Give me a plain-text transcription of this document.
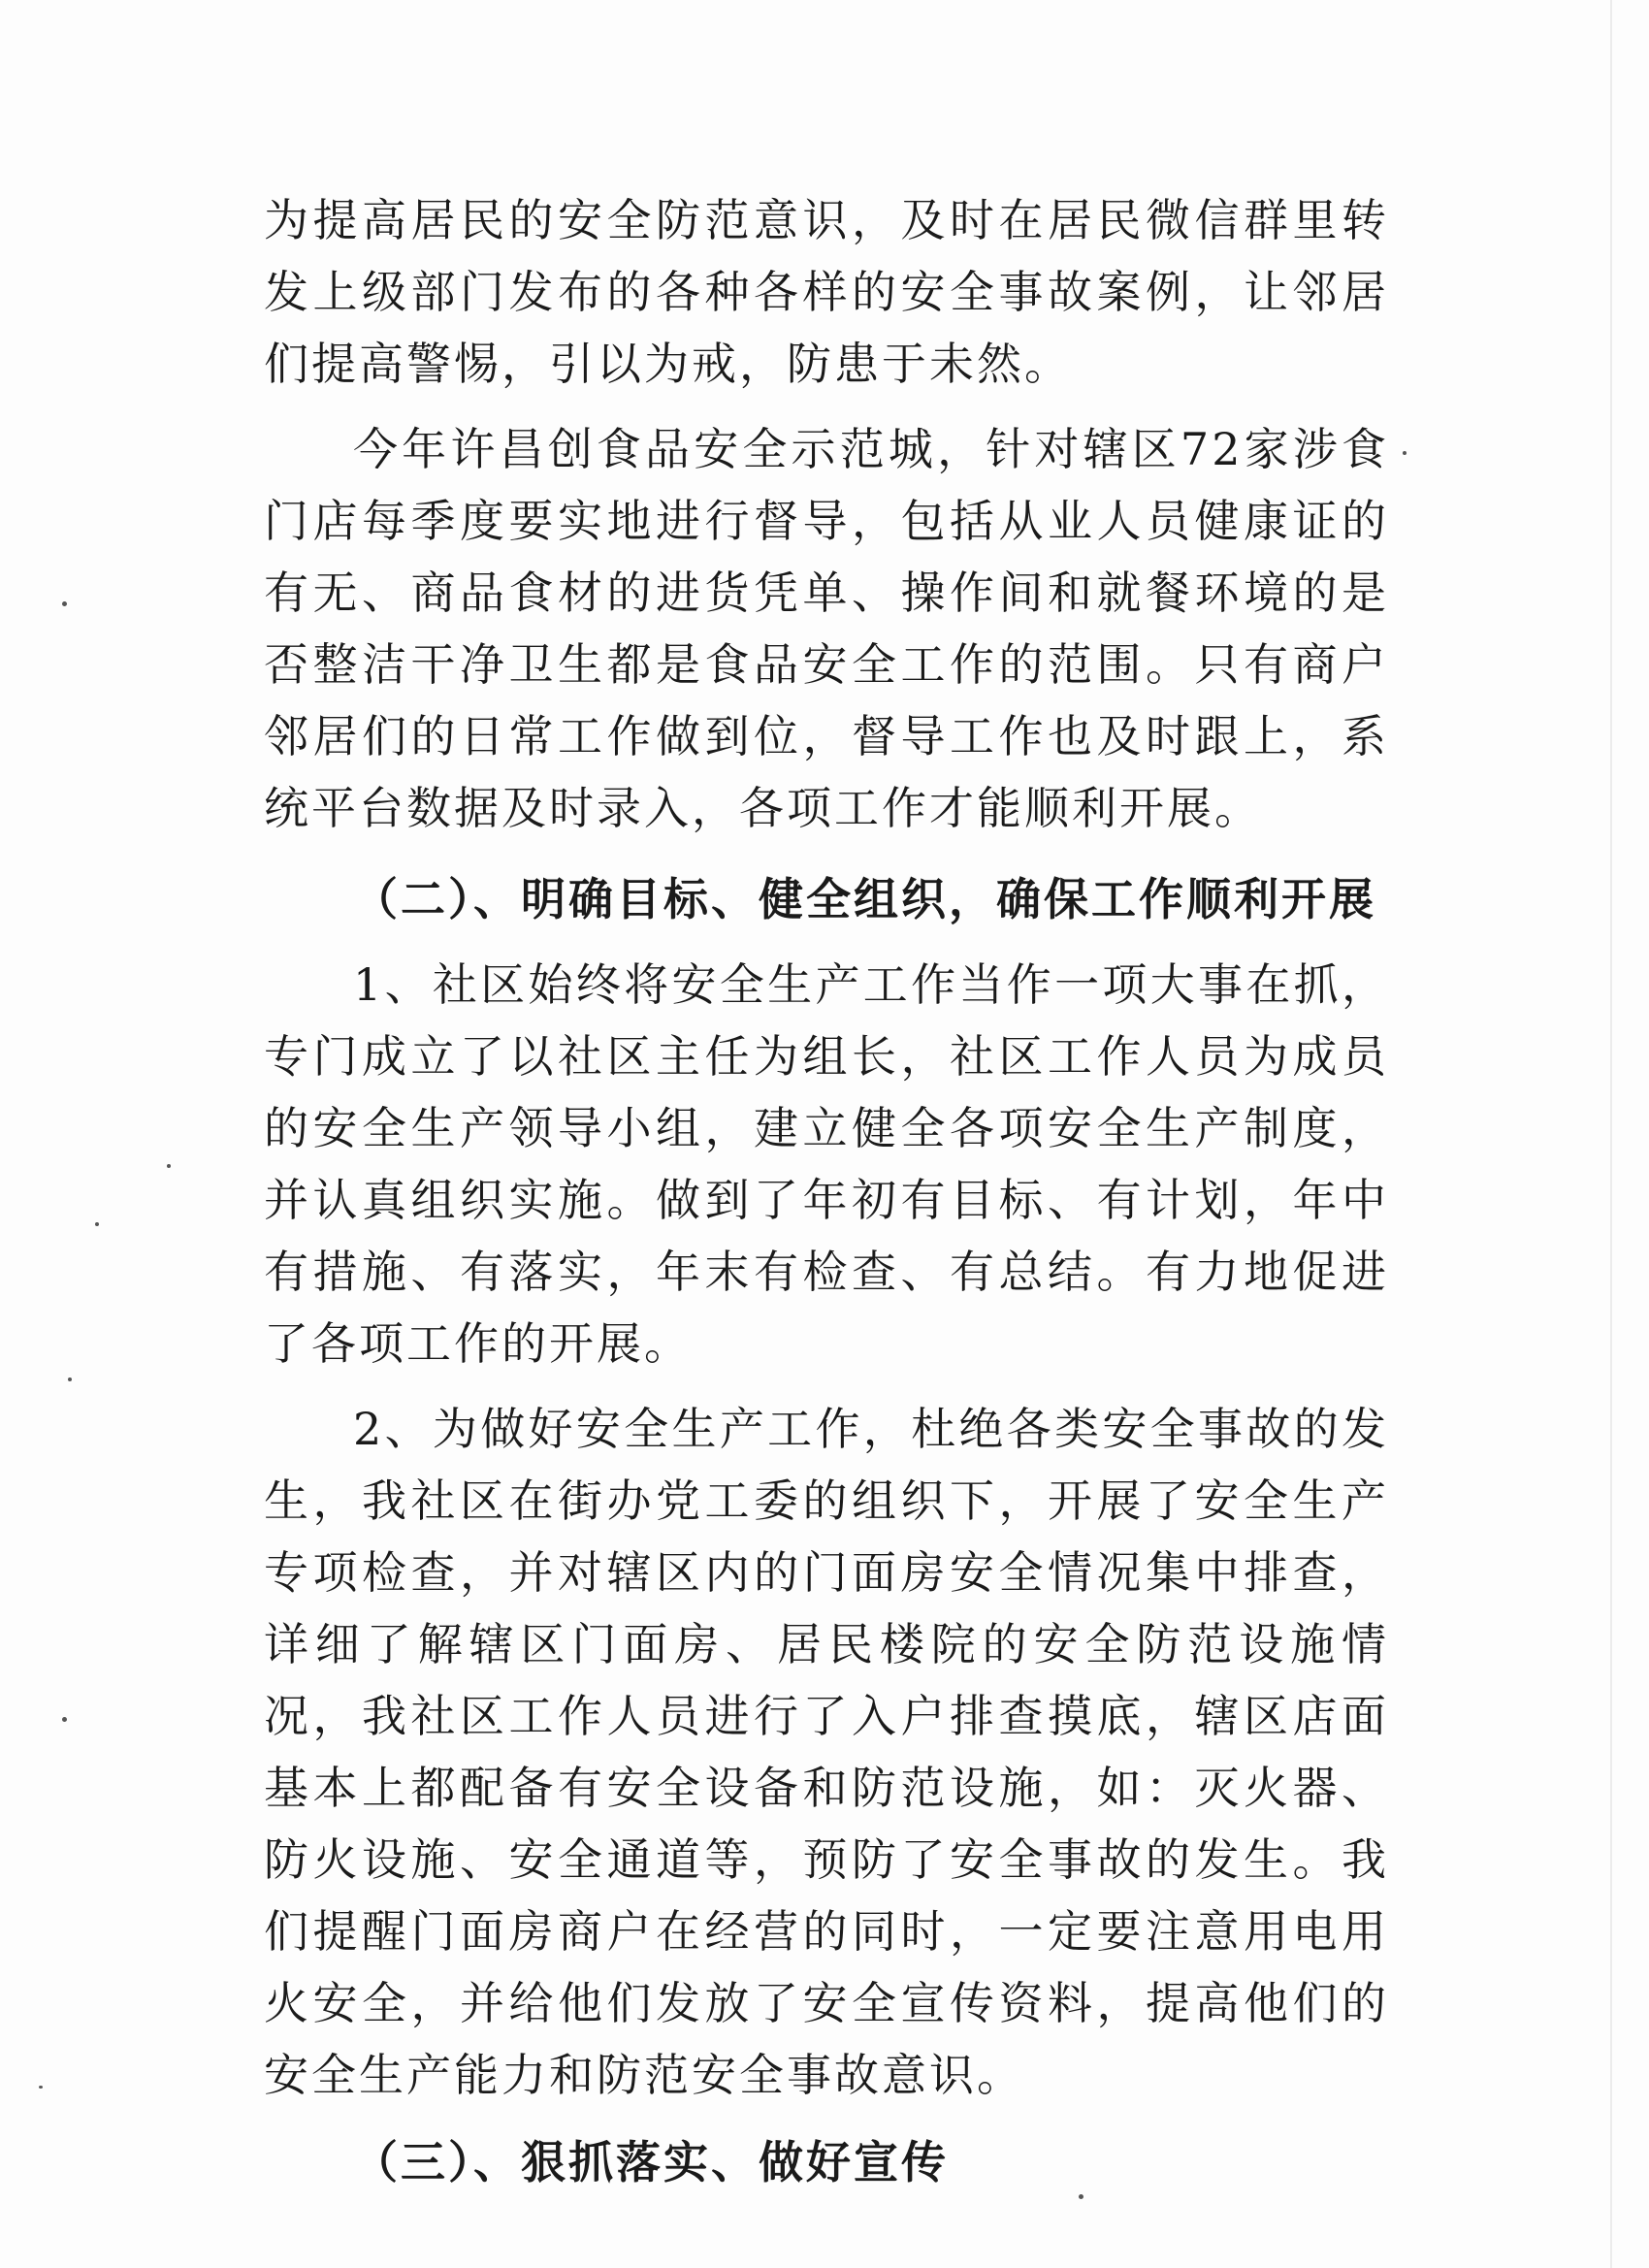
为提高居民的安全防范意识，及时在居民微信群里转发上级部门发布的各种各样的安全事故案例，让邻居们提高警惕，引以为戒，防患于未然。

今年许昌创食品安全示范城，针对辖区72家涉食门店每季度要实地进行督导，包括从业人员健康证的有无、商品食材的进货凭单、操作间和就餐环境的是否整洁干净卫生都是食品安全工作的范围。只有商户邻居们的日常工作做到位，督导工作也及时跟上，系统平台数据及时录入，各项工作才能顺利开展。

（二）、明确目标、健全组织，确保工作顺利开展

1、社区始终将安全生产工作当作一项大事在抓，专门成立了以社区主任为组长，社区工作人员为成员的安全生产领导小组，建立健全各项安全生产制度，并认真组织实施。做到了年初有目标、有计划，年中有措施、有落实，年末有检查、有总结。有力地促进了各项工作的开展。

2、为做好安全生产工作，杜绝各类安全事故的发生，我社区在街办党工委的组织下，开展了安全生产专项检查，并对辖区内的门面房安全情况集中排查，详细了解辖区门面房、居民楼院的安全防范设施情况，我社区工作人员进行了入户排查摸底，辖区店面基本上都配备有安全设备和防范设施，如：灭火器、防火设施、安全通道等，预防了安全事故的发生。我们提醒门面房商户在经营的同时，一定要注意用电用火安全，并给他们发放了安全宣传资料，提高他们的安全生产能力和防范安全事故意识。

（三）、狠抓落实、做好宣传
